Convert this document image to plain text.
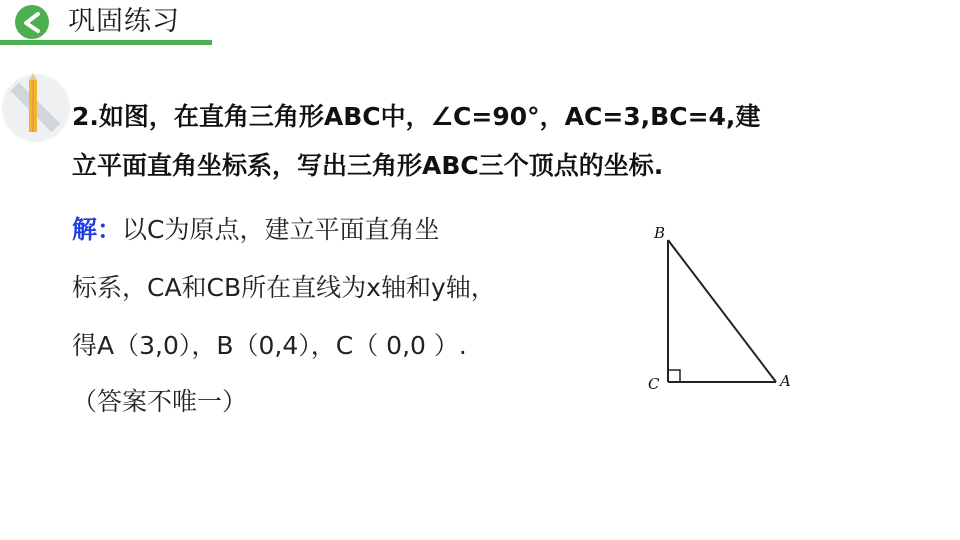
巩固练习
2.如图，在直角三角形ABC中，∠C=90°，AC=3,BC=4,建
立平面直角坐标系，写出三角形ABC三个顶点的坐标.
解：以C为原点，建立平面直角坐
标系，CA和CB所在直线为x轴和y轴，
得A（3,0），B（0,4），C（ 0,0 ）.
（答案不唯一）
B
C	A
